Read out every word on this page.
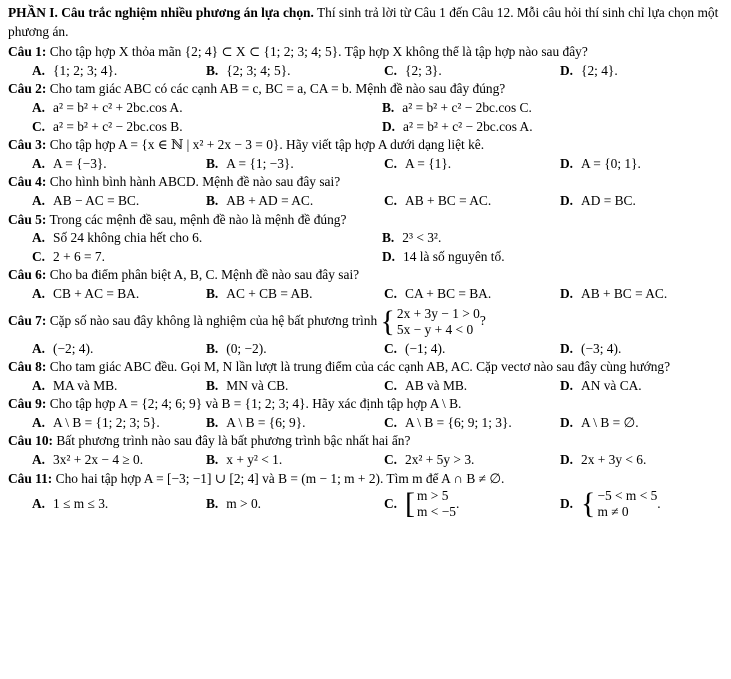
PHẦN I. Câu trắc nghiệm nhiều phương án lựa chọn. Thí sinh trả lời từ Câu 1 đến Câu 12. Mỗi câu hỏi thí sinh chỉ lựa chọn một phương án.
Câu 1: Cho tập hợp X thỏa mãn {2; 4} ⊂ X ⊂ {1; 2; 3; 4; 5}. Tập hợp X không thể là tập hợp nào sau đây?
A. {1; 2; 3; 4}.	B. {2; 3; 4; 5}.	C. {2; 3}.	D. {2; 4}.
Câu 2: Cho tam giác ABC có các cạnh AB = c, BC = a, CA = b. Mệnh đề nào sau đây đúng?
A. a² = b² + c² + 2bc.cos A.	B. a² = b² + c² − 2bc.cos C.
C. a² = b² + c² − 2bc.cos B.	D. a² = b² + c² − 2bc.cos A.
Câu 3: Cho tập hợp A = {x ∈ ℕ | x² + 2x − 3 = 0}. Hãy viết tập hợp A dưới dạng liệt kê.
A. A = {−3}.	B. A = {1; −3}.	C. A = {1}.	D. A = {0; 1}.
Câu 4: Cho hình bình hành ABCD. Mệnh đề nào sau đây sai?
A. AB − AC = BC.	B. AB + AD = AC.	C. AB + BC = AC.	D. AD = BC.
Câu 5: Trong các mệnh đề sau, mệnh đề nào là mệnh đề đúng?
A. Số 24 không chia hết cho 6.	B. 2³ < 3².
C. 2 + 6 = 7.	D. 14 là số nguyên tố.
Câu 6: Cho ba điểm phân biệt A, B, C. Mệnh đề nào sau đây sai?
A. CB + AC = BA.	B. AC + CB = AB.	C. CA + BC = BA.	D. AB + BC = AC.
Câu 7:
Cặp số nào sau đây không là nghiệm của hệ bất phương trình
{ 2x + 3y − 1 > 0
5x − y + 4 < 0
?
A. (−2; 4).	B. (0; −2).	C. (−1; 4).	D. (−3; 4).
Câu 8: Cho tam giác ABC đều. Gọi M, N lần lượt là trung điểm của các cạnh AB, AC. Cặp vectơ nào sau đây cùng hướng?
A. MA và MB.	B. MN và CB.	C. AB và MB.	D. AN và CA.
Câu 9: Cho tập hợp A = {2; 4; 6; 9} và B = {1; 2; 3; 4}. Hãy xác định tập hợp A \ B.
A. A \ B = {1; 2; 3; 5}.	B. A \ B = {6; 9}.	C. A \ B = {6; 9; 1; 3}.	D. A \ B = ∅.
Câu 10: Bất phương trình nào sau đây là bất phương trình bậc nhất hai ẩn?
A. 3x² + 2x − 4 ≥ 0.	B. x + y² < 1.	C. 2x² + 5y > 3.	D. 2x + 3y < 6.
Câu 11: Cho hai tập hợp A = [−3; −1] ∪ [2; 4] và B = (m − 1; m + 2). Tìm m để A ∩ B ≠ ∅.
A. 1 ≤ m ≤ 3.	B. m > 0.	C. [ m > 5
m < −5
.	D. { −5 < m < 5
m ≠ 0
.
